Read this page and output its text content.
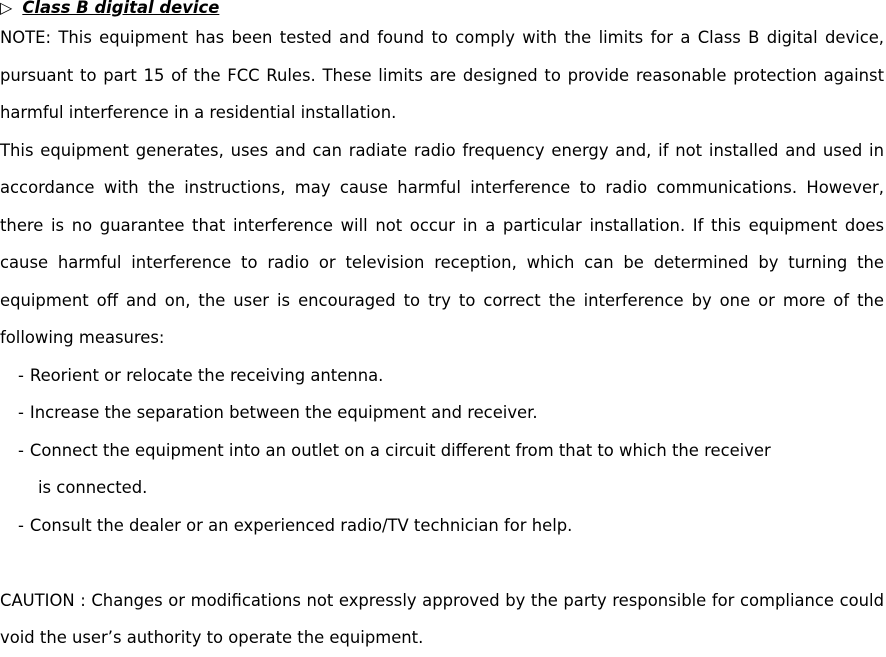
▷ Class B digital device

NOTE: This equipment has been tested and found to comply with the limits for a Class B digital device, pursuant to part 15 of the FCC Rules. These limits are designed to provide reasonable protection against harmful interference in a residential installation.

This equipment generates, uses and can radiate radio frequency energy and, if not installed and used in accordance with the instructions, may cause harmful interference to radio communications. However, there is no guarantee that interference will not occur in a particular installation. If this equipment does cause harmful interference to radio or television reception, which can be determined by turning the equipment off and on, the user is encouraged to try to correct the interference by one or more of the following measures:

- Reorient or relocate the receiving antenna.
- Increase the separation between the equipment and receiver.
- Connect the equipment into an outlet on a circuit different from that to which the receiver
is connected.
- Consult the dealer or an experienced radio/TV technician for help.

CAUTION : Changes or modifications not expressly approved by the party responsible for compliance could void the user’s authority to operate the equipment.
